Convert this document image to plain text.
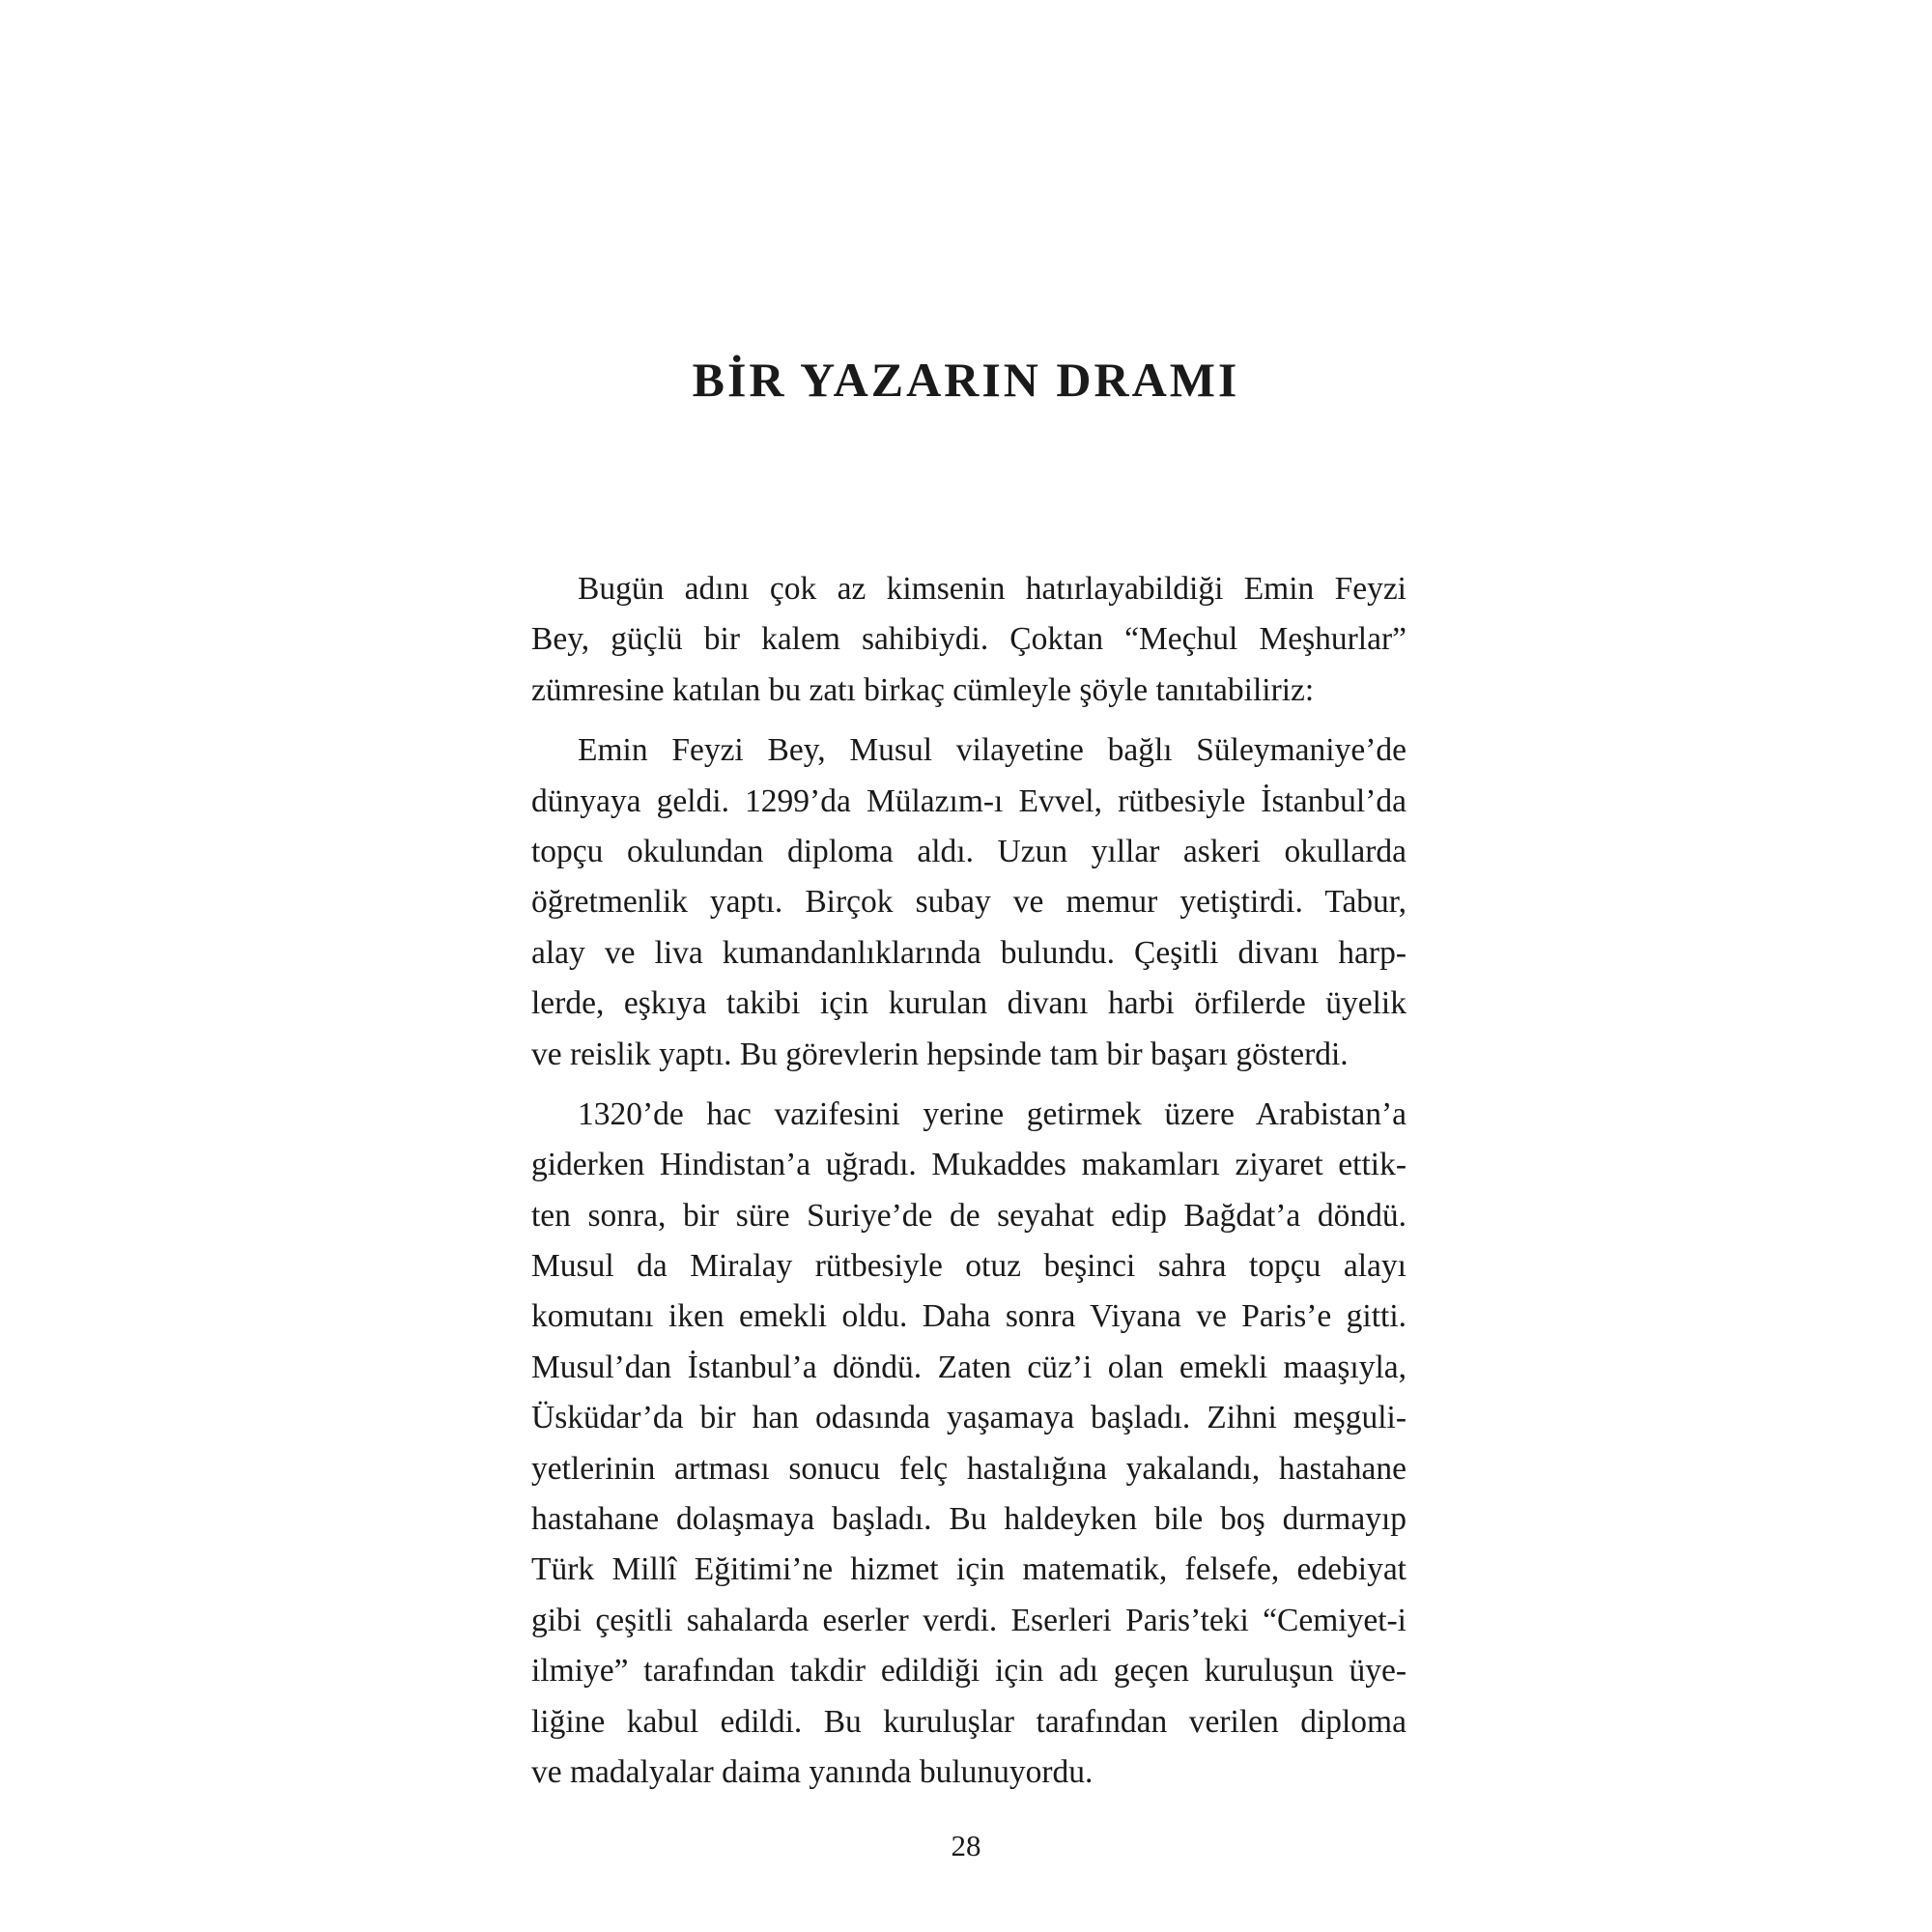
BİR YAZARIN DRAMI
Bugün adını çok az kimsenin hatırlayabildiği Emin Feyzi
Bey, güçlü bir kalem sahibiydi. Çoktan “Meçhul Meşhurlar”
zümresine katılan bu zatı birkaç cümleyle şöyle tanıtabiliriz:
Emin Feyzi Bey, Musul vilayetine bağlı Süleymaniye’de
dünyaya geldi. 1299’da Mülazım-ı Evvel, rütbesiyle İstanbul’da
topçu okulundan diploma aldı. Uzun yıllar askeri okullarda
öğretmenlik yaptı. Birçok subay ve memur yetiştirdi. Tabur,
alay ve liva kumandanlıklarında bulundu. Çeşitli divanı harp-
lerde, eşkıya takibi için kurulan divanı harbi örfilerde üyelik
ve reislik yaptı. Bu görevlerin hepsinde tam bir başarı gösterdi.
1320’de hac vazifesini yerine getirmek üzere Arabistan’a
giderken Hindistan’a uğradı. Mukaddes makamları ziyaret ettik-
ten sonra, bir süre Suriye’de de seyahat edip Bağdat’a döndü.
Musul da Miralay rütbesiyle otuz beşinci sahra topçu alayı
komutanı iken emekli oldu. Daha sonra Viyana ve Paris’e gitti.
Musul’dan İstanbul’a döndü. Zaten cüz’i olan emekli maaşıyla,
Üsküdar’da bir han odasında yaşamaya başladı. Zihni meşguli-
yetlerinin artması sonucu felç hastalığına yakalandı, hastahane
hastahane dolaşmaya başladı. Bu haldeyken bile boş durmayıp
Türk Millî Eğitimi’ne hizmet için matematik, felsefe, edebiyat
gibi çeşitli sahalarda eserler verdi. Eserleri Paris’teki “Cemiyet-i
ilmiye” tarafından takdir edildiği için adı geçen kuruluşun üye-
liğine kabul edildi. Bu kuruluşlar tarafından verilen diploma
ve madalyalar daima yanında bulunuyordu.
28
